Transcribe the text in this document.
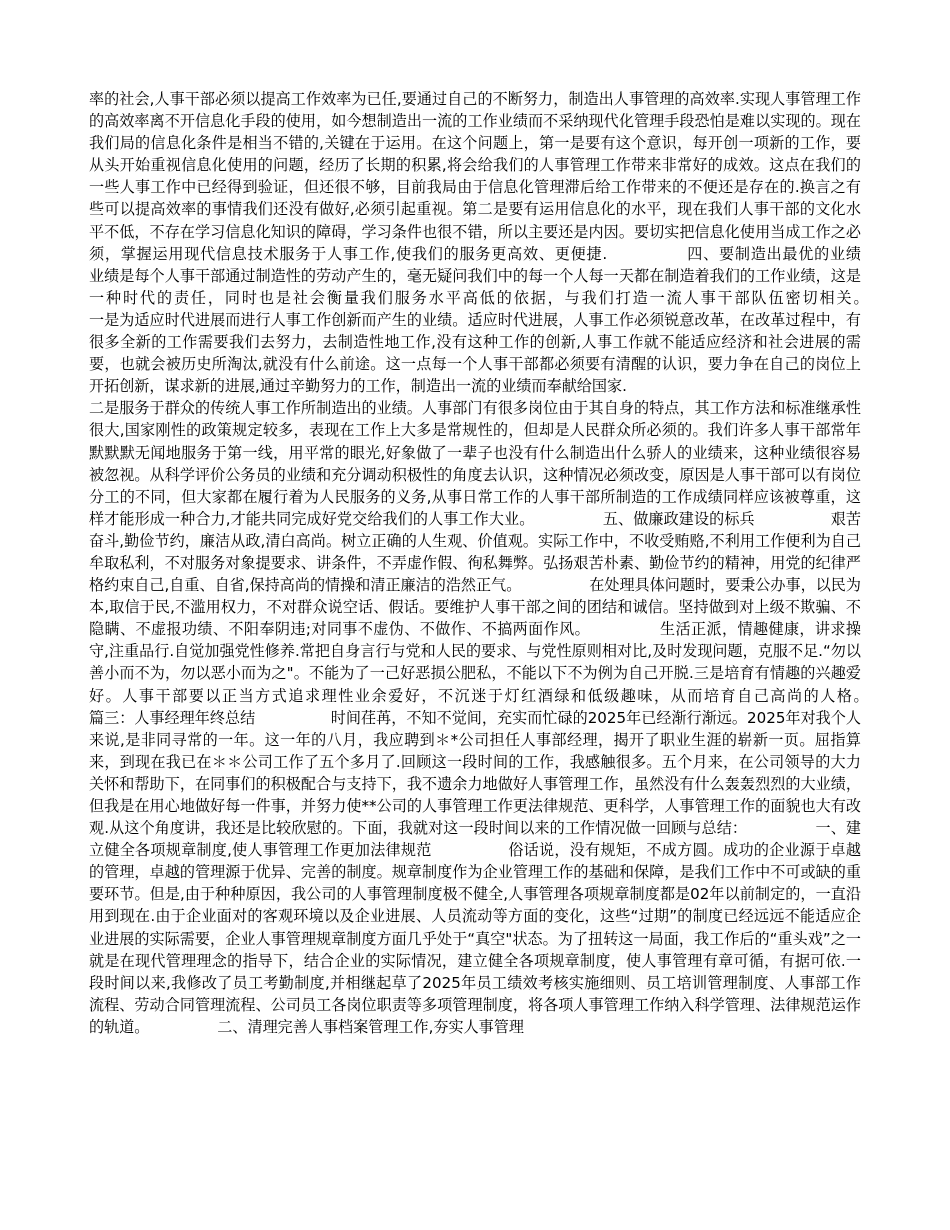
率的社会,人事干部必须以提高工作效率为已任,要通过自己的不断努力，制造出人事管理的高效率.实现人事管理工作的高效率离不开信息化手段的使用，如今想制造出一流的工作业绩而不采纳现代化管理手段恐怕是难以实现的。现在我们局的信息化条件是相当不错的,关键在于运用。在这个问题上，第一是要有这个意识，每开创一项新的工作，要从头开始重视信息化使用的问题，经历了长期的积累,将会给我们的人事管理工作带来非常好的成效。这点在我们的一些人事工作中已经得到验证，但还很不够，目前我局由于信息化管理滞后给工作带来的不便还是存在的.换言之有些可以提高效率的事情我们还没有做好,必须引起重视。第二是要有运用信息化的水平，现在我们人事干部的文化水平不低，不存在学习信息化知识的障碍，学习条件也很不错，所以主要还是内因。要切实把信息化使用当成工作之必须，掌握运用现代信息技术服务于人事工作,使我们的服务更高效、更便捷.　　　　　四、要制造出最优的业绩　　　　　业绩是每个人事干部通过制造性的劳动产生的，毫无疑问我们中的每一个人每一天都在制造着我们的工作业绩，这是一种时代的责任，同时也是社会衡量我们服务水平高低的依据，与我们打造一流人事干部队伍密切相关。　　　　　一是为适应时代进展而进行人事工作创新而产生的业绩。适应时代进展，人事工作必须锐意改革，在改革过程中，有很多全新的工作需要我们去努力，去制造性地工作,没有这种工作的创新,人事工作就不能适应经济和社会进展的需要，也就会被历史所淘汰,就没有什么前途。这一点每一个人事干部都必须要有清醒的认识，要力争在自己的岗位上开拓创新，谋求新的进展,通过辛勤努力的工作，制造出一流的业绩而奉献给国家.

二是服务于群众的传统人事工作所制造出的业绩。人事部门有很多岗位由于其自身的特点，其工作方法和标准继承性很大,国家刚性的政策规定较多，表现在工作上大多是常规性的，但却是人民群众所必须的。我们许多人事干部常年默默默无闻地服务于第一线，用平常的眼光,好象做了一辈子也没有什么制造出什么骄人的业绩来，这种业绩很容易被忽视。从科学评价公务员的业绩和充分调动积极性的角度去认识，这种情况必须改变，原因是人事干部可以有岗位分工的不同，但大家都在履行着为人民服务的义务,从事日常工作的人事干部所制造的工作成绩同样应该被尊重，这样才能形成一种合力,才能共同完成好党交给我们的人事工作大业。　　　　　五、做廉政建设的标兵　　　　　艰苦奋斗,勤俭节约，廉洁从政,清白高尚。树立正确的人生观、价值观。实际工作中，不收受贿赂,不利用工作便利为自己牟取私利，不对服务对象提要求、讲条件，不弄虚作假、徇私舞弊。弘扬艰苦朴素、勤俭节约的精神，用党的纪律严格约束自己,自重、自省,保持高尚的情操和清正廉洁的浩然正气。　　　　　在处理具体问题时，要秉公办事，以民为本,取信于民,不滥用权力，不对群众说空话、假话。要维护人事干部之间的团结和诚信。坚持做到对上级不欺骗、不隐瞒、不虚报功绩、不阳奉阴违;对同事不虚伪、不做作、不搞两面作风。　　　　　生活正派，情趣健康，讲求操守,注重品行.自觉加强党性修养.常把自身言行与党和人民的要求、与党性原则相对比,及时发现问题，克服不足.“勿以善小而不为，勿以恶小而为之"。不能为了一己好恶损公肥私，不能以下不为例为自己开脱.三是培育有情趣的兴趣爱好。人事干部要以正当方式追求理性业余爱好，不沉迷于灯红酒绿和低级趣味，从而培育自己高尚的人格。　　　　　篇三：人事经理年终总结　　　　　时间荏苒，不知不觉间，充实而忙碌的2025年已经渐行渐远。2025年对我个人来说,是非同寻常的一年。这一年的八月，我应聘到＊*公司担任人事部经理，揭开了职业生涯的崭新一页。屈指算来，到现在我已在＊＊公司工作了五个多月了.回顾这一段时间的工作，我感触很多。五个月来，在公司领导的大力关怀和帮助下，在同事们的积极配合与支持下，我不遗余力地做好人事管理工作，虽然没有什么轰轰烈烈的大业绩，但我是在用心地做好每一件事，并努力使**公司的人事管理工作更法律规范、更科学，人事管理工作的面貌也大有改观.从这个角度讲，我还是比较欣慰的。下面，我就对这一段时间以来的工作情况做一回顾与总结：　　　　　一、建立健全各项规章制度,使人事管理工作更加法律规范　　　　　俗话说，没有规矩，不成方圆。成功的企业源于卓越的管理，卓越的管理源于优异、完善的制度。规章制度作为企业管理工作的基础和保障，是我们工作中不可或缺的重要环节。但是,由于种种原因，我公司的人事管理制度极不健全,人事管理各项规章制度都是02年以前制定的，一直沿用到现在.由于企业面对的客观环境以及企业进展、人员流动等方面的变化，这些“过期”的制度已经远远不能适应企业进展的实际需要，企业人事管理规章制度方面几乎处于“真空"状态。为了扭转这一局面，我工作后的“重头戏”之一就是在现代管理理念的指导下，结合企业的实际情况，建立健全各项规章制度，使人事管理有章可循，有据可依.一段时间以来,我修改了员工考勤制度,并相继起草了2025年员工绩效考核实施细则、员工培训管理制度、人事部工作流程、劳动合同管理流程、公司员工各岗位职责等多项管理制度，将各项人事管理工作纳入科学管理、法律规范运作的轨道。　　　　　二、清理完善人事档案管理工作,夯实人事管理
